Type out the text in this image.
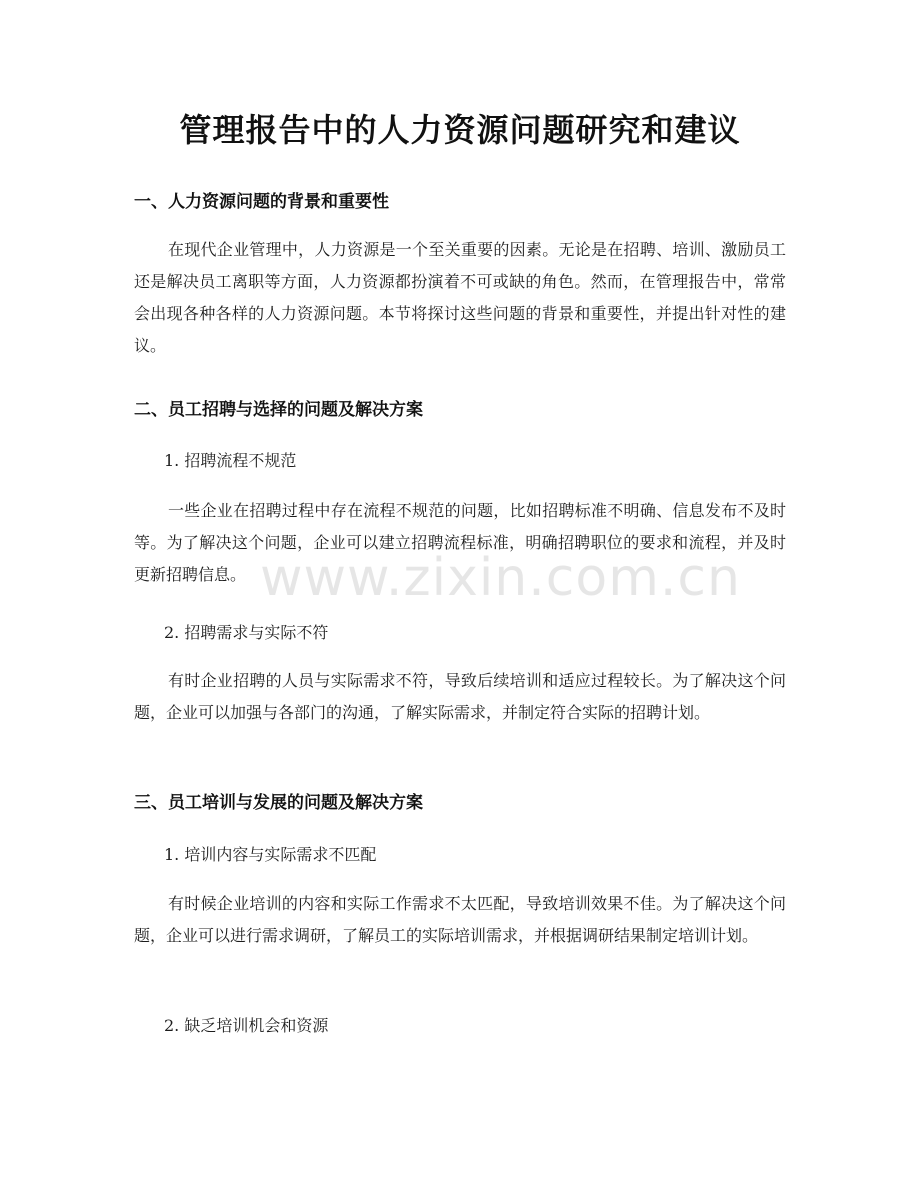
管理报告中的人力资源问题研究和建议
一、人力资源问题的背景和重要性

在现代企业管理中，人力资源是一个至关重要的因素。无论是在招聘、培训、激励员工还是解决员工离职等方面，人力资源都扮演着不可或缺的角色。然而，在管理报告中，常常会出现各种各样的人力资源问题。本节将探讨这些问题的背景和重要性，并提出针对性的建议。

二、员工招聘与选择的问题及解决方案

1. 招聘流程不规范

一些企业在招聘过程中存在流程不规范的问题，比如招聘标准不明确、信息发布不及时等。为了解决这个问题，企业可以建立招聘流程标准，明确招聘职位的要求和流程，并及时更新招聘信息。

2. 招聘需求与实际不符

有时企业招聘的人员与实际需求不符，导致后续培训和适应过程较长。为了解决这个问题，企业可以加强与各部门的沟通，了解实际需求，并制定符合实际的招聘计划。

三、员工培训与发展的问题及解决方案

1. 培训内容与实际需求不匹配

有时候企业培训的内容和实际工作需求不太匹配，导致培训效果不佳。为了解决这个问题，企业可以进行需求调研，了解员工的实际培训需求，并根据调研结果制定培训计划。

2. 缺乏培训机会和资源

www.zixin.com.cn
